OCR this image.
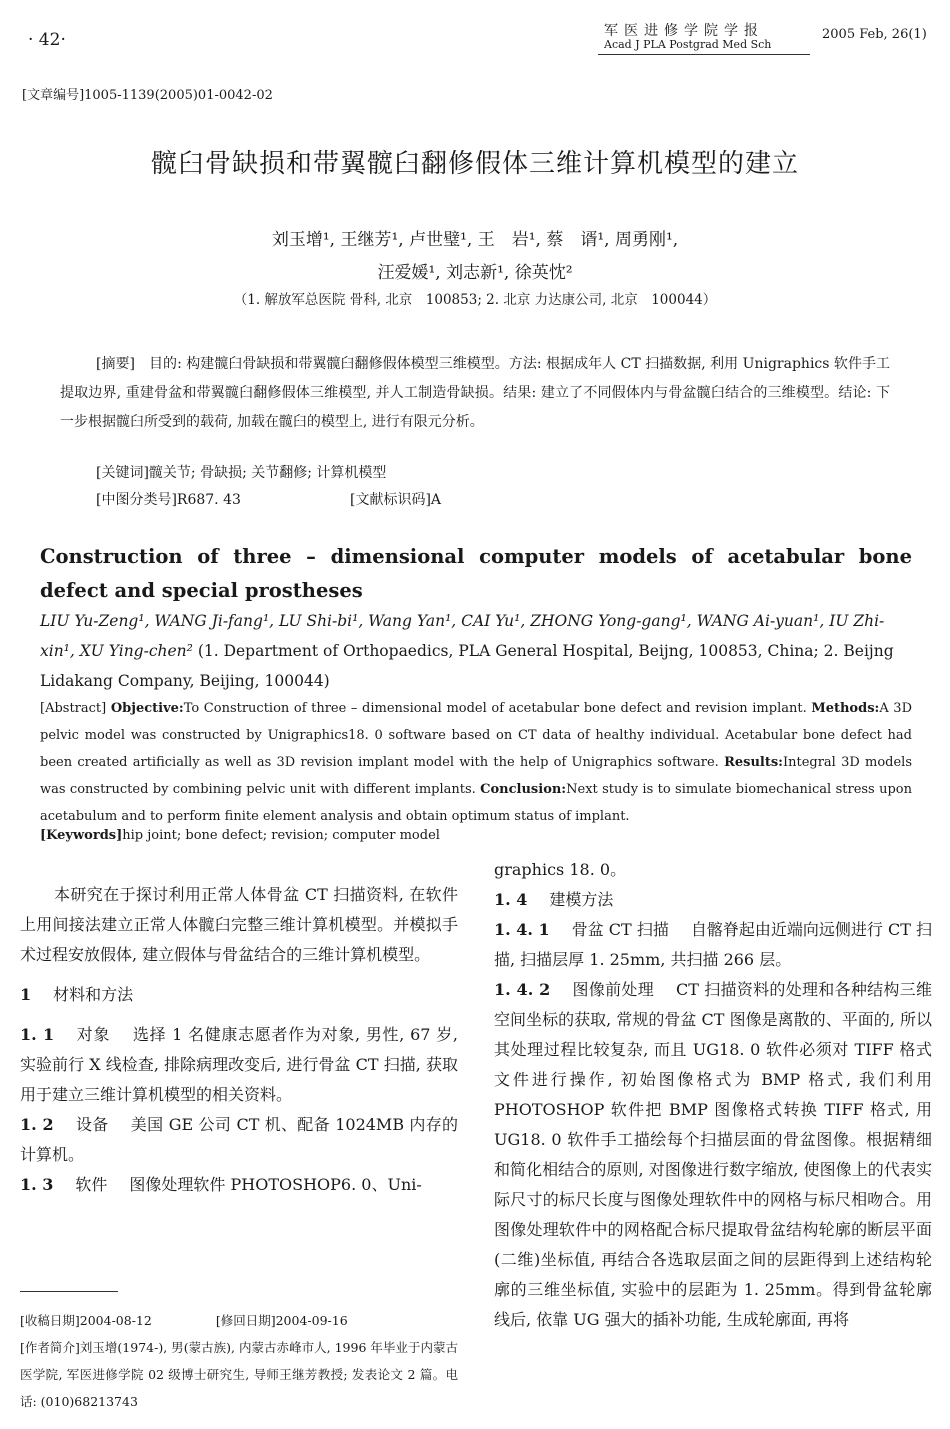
· 42·	军医进修学院学报
Acad J PLA Postgrad Med Sch
2005 Feb, 26(1)
[文章编号]1005-1139(2005)01-0042-02
髋臼骨缺损和带翼髋臼翻修假体三维计算机模型的建立
刘玉增¹, 王继芳¹, 卢世璧¹, 王　岩¹, 蔡　谞¹, 周勇刚¹,
汪爱媛¹, 刘志新¹, 徐英忱²
（1. 解放军总医院 骨科, 北京　100853; 2. 北京 力达康公司, 北京　100044）
[摘要]　目的: 构建髋臼骨缺损和带翼髋臼翻修假体模型三维模型。方法: 根据成年人 CT 扫描数据, 利用 Unigraphics 软件手工提取边界, 重建骨盆和带翼髋臼翻修假体三维模型, 并人工制造骨缺损。结果: 建立了不同假体内与骨盆髋臼结合的三维模型。结论: 下一步根据髋臼所受到的载荷, 加载在髋臼的模型上, 进行有限元分析。
[关键词]髋关节; 骨缺损; 关节翻修; 计算机模型
[中图分类号]R687. 43	[文献标识码]A
Construction of three – dimensional computer models of acetabular bone defect and special prostheses
LIU Yu-Zeng¹, WANG Ji-fang¹, LU Shi-bi¹, Wang Yan¹, CAI Yu¹, ZHONG Yong-gang¹, WANG Ai-yuan¹, IU Zhi-xin¹, XU Ying-chen² (1. Department of Orthopaedics, PLA General Hospital, Beijng, 100853, China; 2. Beijng Lidakang Company, Beijing, 100044)
[Abstract] Objective:To Construction of three – dimensional model of acetabular bone defect and revision implant. Methods:A 3D pelvic model was constructed by Unigraphics18. 0 software based on CT data of healthy individual. Acetabular bone defect had been created artificially as well as 3D revision implant model with the help of Unigraphics software. Results:Integral 3D models was constructed by combining pelvic unit with different implants. Conclusion:Next study is to simulate biomechanical stress upon acetabulum and to perform finite element analysis and obtain optimum status of implant.
[Keywords]hip joint; bone defect; revision; computer model

本研究在于探讨利用正常人体骨盆 CT 扫描资料, 在软件上用间接法建立正常人体髋臼完整三维计算机模型。并模拟手术过程安放假体, 建立假体与骨盆结合的三维计算机模型。

1 材料和方法

1. 1 对象 选择 1 名健康志愿者作为对象, 男性, 67 岁, 实验前行 X 线检查, 排除病理改变后, 进行骨盆 CT 扫描, 获取用于建立三维计算机模型的相关资料。

1. 2 设备 美国 GE 公司 CT 机、配备 1024MB 内存的计算机。

1. 3 软件 图像处理软件 PHOTOSHOP6. 0、Uni-

graphics 18. 0。

1. 4 建模方法

1. 4. 1 骨盆 CT 扫描 自髂脊起由近端向远侧进行 CT 扫描, 扫描层厚 1. 25mm, 共扫描 266 层。

1. 4. 2 图像前处理 CT 扫描资料的处理和各种结构三维空间坐标的获取, 常规的骨盆 CT 图像是离散的、平面的, 所以其处理过程比较复杂, 而且 UG18. 0 软件必须对 TIFF 格式文件进行操作, 初始图像格式为 BMP 格式, 我们利用 PHOTOSHOP 软件把 BMP 图像格式转换 TIFF 格式, 用 UG18. 0 软件手工描绘每个扫描层面的骨盆图像。根据精细和简化相结合的原则, 对图像进行数字缩放, 使图像上的代表实际尺寸的标尺长度与图像处理软件中的网格与标尺相吻合。用图像处理软件中的网格配合标尺提取骨盆结构轮廓的断层平面(二维)坐标值, 再结合各选取层面之间的层距得到上述结构轮廓的三维坐标值, 实验中的层距为 1. 25mm。得到骨盆轮廓线后, 依靠 UG 强大的插补功能, 生成轮廓面, 再将

[收稿日期]2004-08-12	[修回日期]2004-09-16
[作者简介]刘玉增(1974-), 男(蒙古族), 内蒙古赤峰市人, 1996 年毕业于内蒙古医学院, 军医进修学院 02 级博士研究生, 导师王继芳教授; 发表论文 2 篇。电话: (010)68213743
